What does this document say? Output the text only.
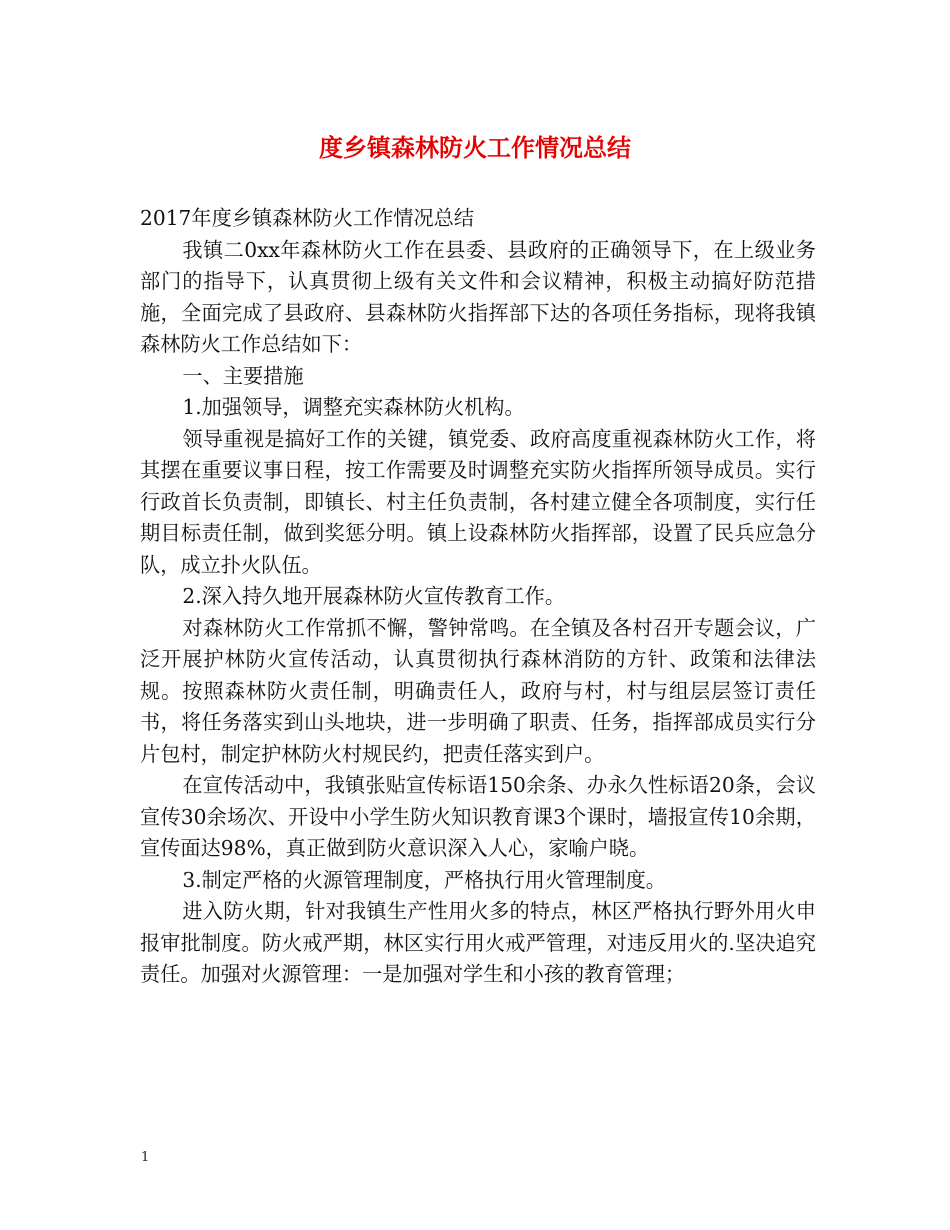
度乡镇森林防火工作情况总结

2017年度乡镇森林防火工作情况总结

我镇二0xx年森林防火工作在县委、县政府的正确领导下，在上级业务部门的指导下，认真贯彻上级有关文件和会议精神，积极主动搞好防范措施，全面完成了县政府、县森林防火指挥部下达的各项任务指标，现将我镇森林防火工作总结如下：

一、主要措施

1.加强领导，调整充实森林防火机构。

领导重视是搞好工作的关键，镇党委、政府高度重视森林防火工作，将其摆在重要议事日程，按工作需要及时调整充实防火指挥所领导成员。实行行政首长负责制，即镇长、村主任负责制，各村建立健全各项制度，实行任期目标责任制，做到奖惩分明。镇上设森林防火指挥部，设置了民兵应急分队，成立扑火队伍。

2.深入持久地开展森林防火宣传教育工作。

对森林防火工作常抓不懈，警钟常鸣。在全镇及各村召开专题会议，广泛开展护林防火宣传活动，认真贯彻执行森林消防的方针、政策和法律法规。按照森林防火责任制，明确责任人，政府与村，村与组层层签订责任书，将任务落实到山头地块，进一步明确了职责、任务，指挥部成员实行分片包村，制定护林防火村规民约，把责任落实到户。

在宣传活动中，我镇张贴宣传标语150余条、办永久性标语20条，会议宣传30余场次、开设中小学生防火知识教育课3个课时，墙报宣传10余期，宣传面达98%，真正做到防火意识深入人心，家喻户晓。

3.制定严格的火源管理制度，严格执行用火管理制度。

进入防火期，针对我镇生产性用火多的特点，林区严格执行野外用火申报审批制度。防火戒严期，林区实行用火戒严管理，对违反用火的.坚决追究责任。加强对火源管理：一是加强对学生和小孩的教育管理；

1
